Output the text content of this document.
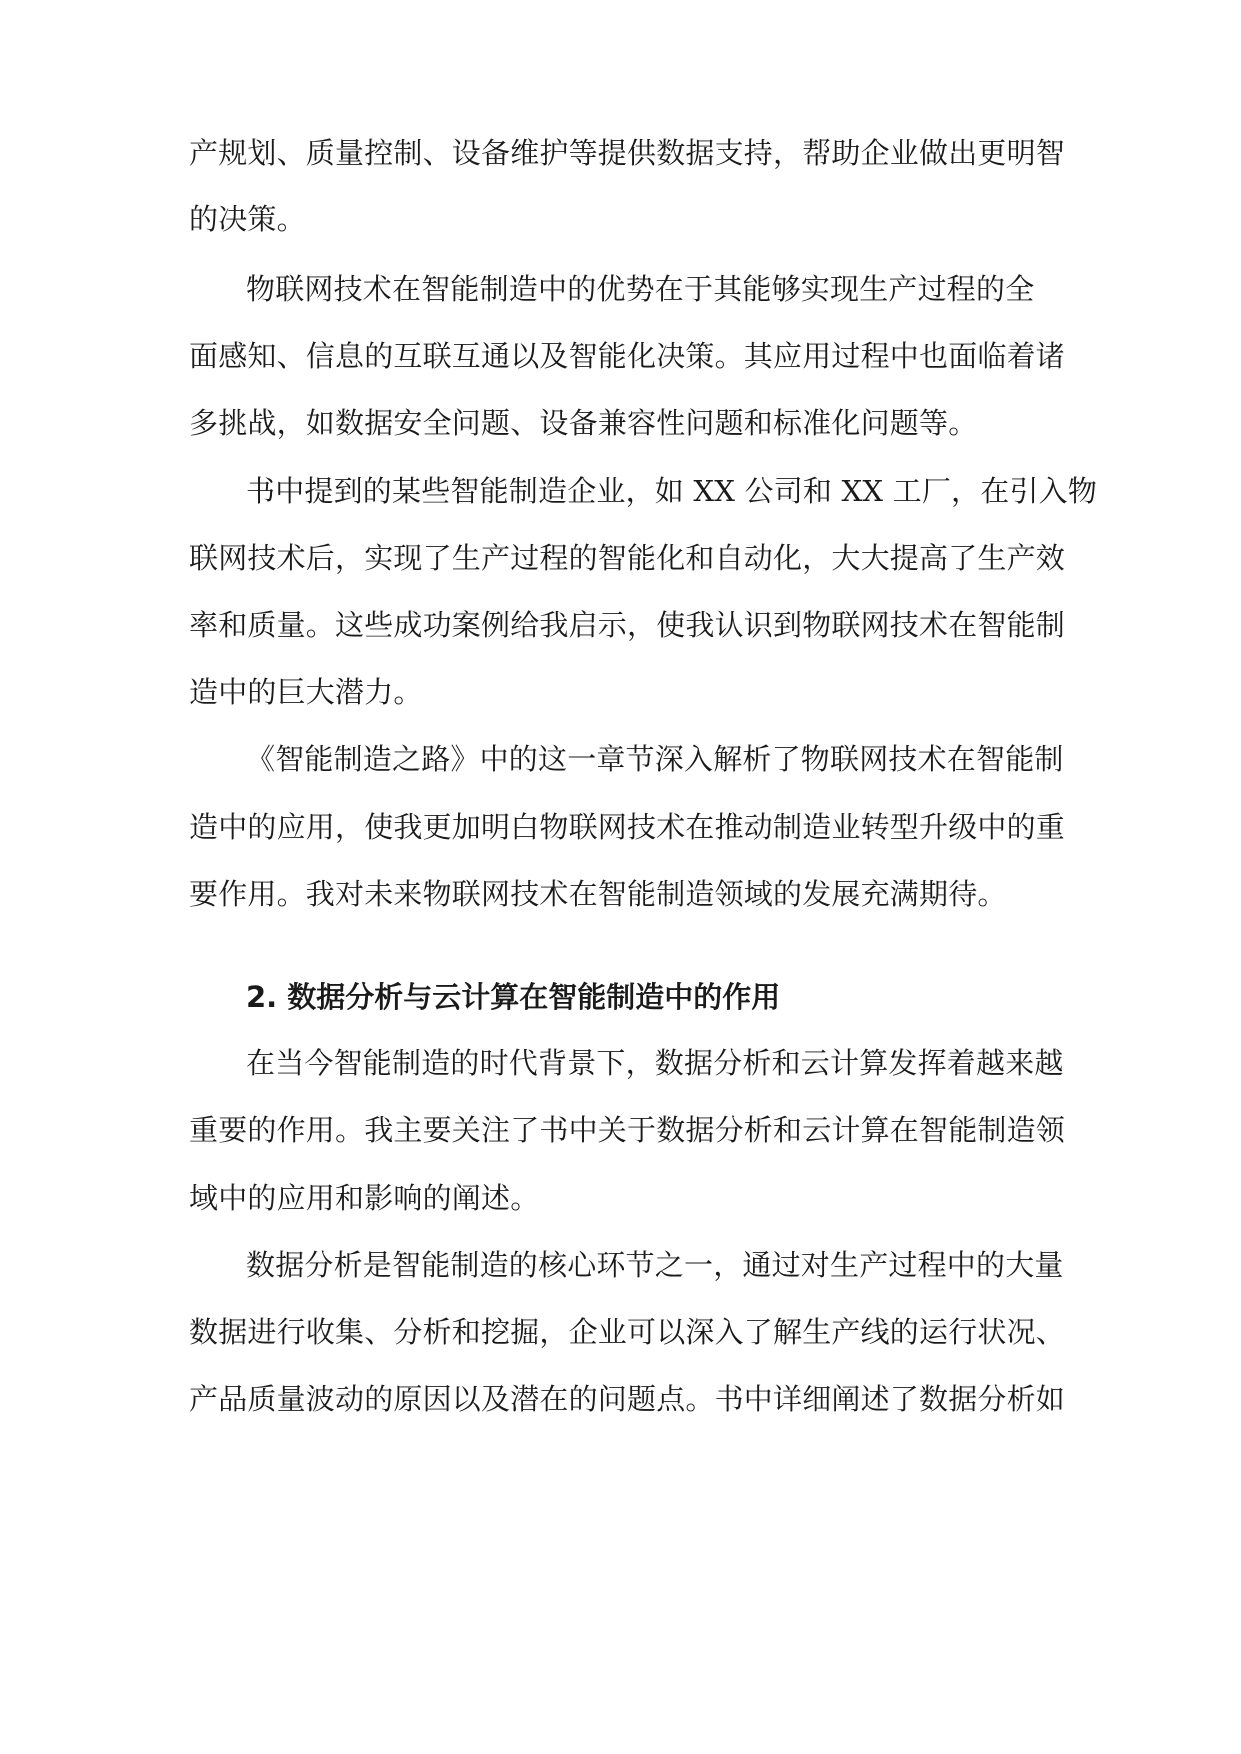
产规划、质量控制、设备维护等提供数据支持，帮助企业做出更明智
的决策。
物联网技术在智能制造中的优势在于其能够实现生产过程的全
面感知、信息的互联互通以及智能化决策。其应用过程中也面临着诸
多挑战，如数据安全问题、设备兼容性问题和标准化问题等。
书中提到的某些智能制造企业，如 XX 公司和 XX 工厂，在引入物
联网技术后，实现了生产过程的智能化和自动化，大大提高了生产效
率和质量。这些成功案例给我启示，使我认识到物联网技术在智能制
造中的巨大潜力。
《智能制造之路》中的这一章节深入解析了物联网技术在智能制
造中的应用，使我更加明白物联网技术在推动制造业转型升级中的重
要作用。我对未来物联网技术在智能制造领域的发展充满期待。
2. 数据分析与云计算在智能制造中的作用
在当今智能制造的时代背景下，数据分析和云计算发挥着越来越
重要的作用。我主要关注了书中关于数据分析和云计算在智能制造领
域中的应用和影响的阐述。
数据分析是智能制造的核心环节之一，通过对生产过程中的大量
数据进行收集、分析和挖掘，企业可以深入了解生产线的运行状况、
产品质量波动的原因以及潜在的问题点。书中详细阐述了数据分析如
